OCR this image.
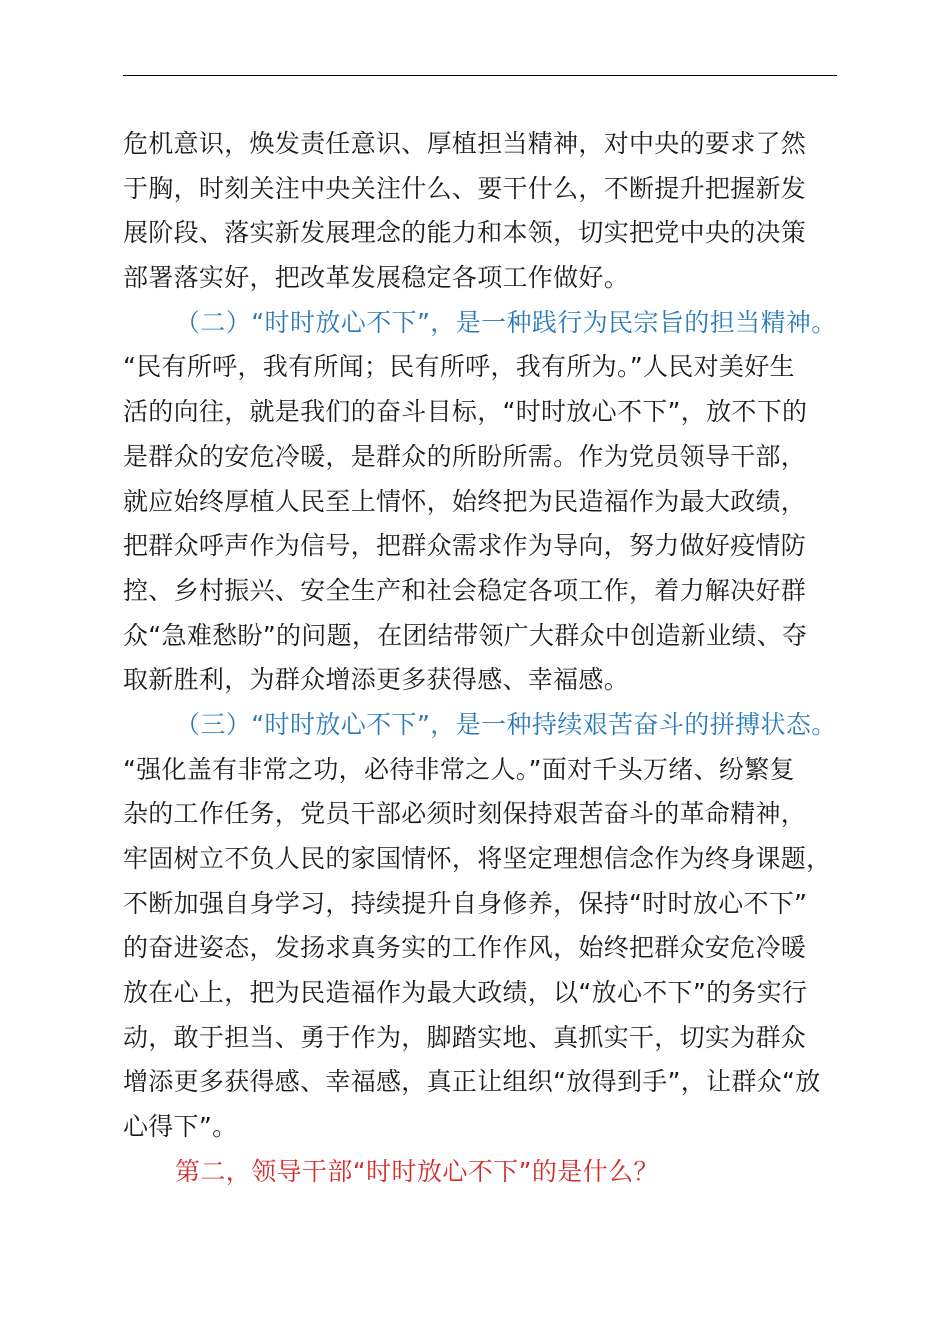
危机意识，焕发责任意识、厚植担当精神，对中央的要求了然
于胸，时刻关注中央关注什么、要干什么，不断提升把握新发
展阶段、落实新发展理念的能力和本领，切实把党中央的决策
部署落实好，把改革发展稳定各项工作做好。
（二）“时时放心不下”，是一种践行为民宗旨的担当精神。
“民有所呼，我有所闻；民有所呼，我有所为。”人民对美好生
活的向往，就是我们的奋斗目标，“时时放心不下”，放不下的
是群众的安危冷暖，是群众的所盼所需。作为党员领导干部，
就应始终厚植人民至上情怀，始终把为民造福作为最大政绩，
把群众呼声作为信号，把群众需求作为导向，努力做好疫情防
控、乡村振兴、安全生产和社会稳定各项工作，着力解决好群
众“急难愁盼”的问题，在团结带领广大群众中创造新业绩、夺
取新胜利，为群众增添更多获得感、幸福感。
（三）“时时放心不下”，是一种持续艰苦奋斗的拼搏状态。
“强化盖有非常之功，必待非常之人。”面对千头万绪、纷繁复
杂的工作任务，党员干部必须时刻保持艰苦奋斗的革命精神，
牢固树立不负人民的家国情怀，将坚定理想信念作为终身课题，
不断加强自身学习，持续提升自身修养，保持“时时放心不下”
的奋进姿态，发扬求真务实的工作作风，始终把群众安危冷暖
放在心上，把为民造福作为最大政绩，以“放心不下”的务实行
动，敢于担当、勇于作为，脚踏实地、真抓实干，切实为群众
增添更多获得感、幸福感，真正让组织“放得到手”，让群众“放
心得下”。
第二，领导干部“时时放心不下”的是什么？
